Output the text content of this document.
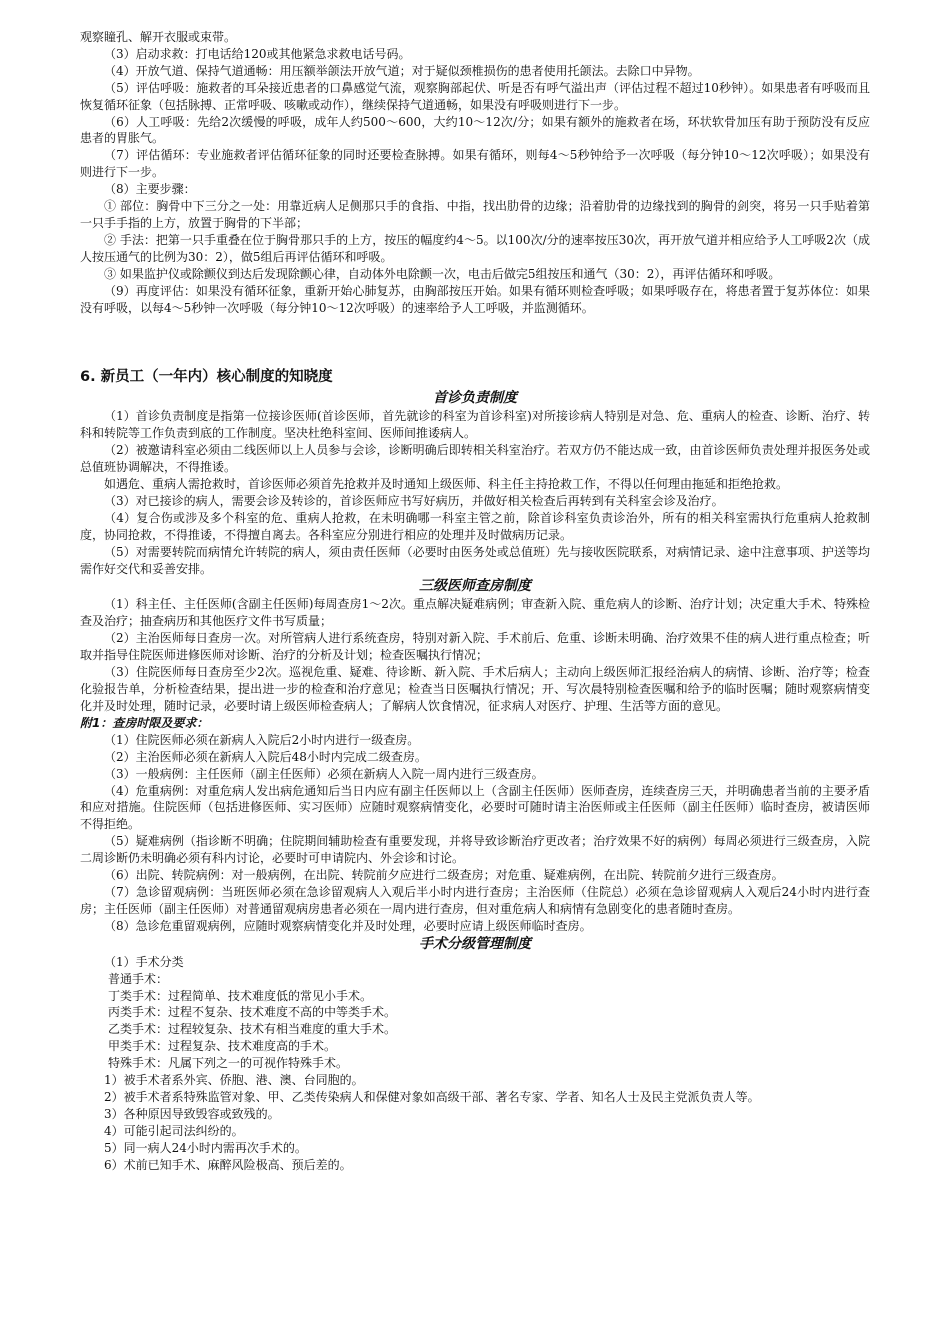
观察瞳孔、解开衣服或束带。

（3）启动求救：打电话给120或其他紧急求救电话号码。

（4）开放气道、保持气道通畅：用压额举颌法开放气道；对于疑似颈椎损伤的患者使用托颌法。去除口中异物。

（5）评估呼吸：施救者的耳朵接近患者的口鼻感觉气流，观察胸部起伏、听是否有呼气溢出声（评估过程不超过10秒钟）。如果患者有呼吸而且恢复循环征象（包括脉搏、正常呼吸、咳嗽或动作），继续保持气道通畅，如果没有呼吸则进行下一步。

（6）人工呼吸：先给2次缓慢的呼吸，成年人约500～600，大约10～12次/分；如果有额外的施救者在场，环状软骨加压有助于预防没有反应患者的胃胀气。

（7）评估循环：专业施救者评估循环征象的同时还要检查脉搏。如果有循环，则每4～5秒钟给予一次呼吸（每分钟10～12次呼吸）；如果没有则进行下一步。

（8）主要步骤：

① 部位：胸骨中下三分之一处：用靠近病人足侧那只手的食指、中指，找出肋骨的边缘；沿着肋骨的边缘找到的胸骨的剑突，将另一只手贴着第一只手手指的上方，放置于胸骨的下半部；

② 手法：把第一只手重叠在位于胸骨那只手的上方，按压的幅度约4～5。以100次/分的速率按压30次，再开放气道并相应给予人工呼吸2次（成人按压通气的比例为30：2），做5组后再评估循环和呼吸。

③ 如果监护仪或除颤仪到达后发现除颤心律，自动体外电除颤一次，电击后做完5组按压和通气（30：2），再评估循环和呼吸。

（9）再度评估：如果没有循环征象，重新开始心肺复苏，由胸部按压开始。如果有循环则检查呼吸；如果呼吸存在，将患者置于复苏体位：如果没有呼吸，以每4～5秒钟一次呼吸（每分钟10～12次呼吸）的速率给予人工呼吸，并监测循环。

6. 新员工（一年内）核心制度的知晓度

首诊负责制度

（1）首诊负责制度是指第一位接诊医师(首诊医师，首先就诊的科室为首诊科室)对所接诊病人特别是对急、危、重病人的检查、诊断、治疗、转科和转院等工作负责到底的工作制度。坚决杜绝科室间、医师间推诿病人。

（2）被邀请科室必须由二线医师以上人员参与会诊，诊断明确后即转相关科室治疗。若双方仍不能达成一致，由首诊医师负责处理并报医务处或总值班协调解决，不得推诿。

如遇危、重病人需抢救时，首诊医师必须首先抢救并及时通知上级医师、科主任主持抢救工作，不得以任何理由拖延和拒绝抢救。

（3）对已接诊的病人，需要会诊及转诊的，首诊医师应书写好病历，并做好相关检查后再转到有关科室会诊及治疗。

（4）复合伤或涉及多个科室的危、重病人抢救，在未明确哪一科室主管之前，除首诊科室负责诊治外，所有的相关科室需执行危重病人抢救制度，协同抢救，不得推诿，不得擅自离去。各科室应分别进行相应的处理并及时做病历记录。

（5）对需要转院而病情允许转院的病人，须由责任医师（必要时由医务处或总值班）先与接收医院联系，对病情记录、途中注意事项、护送等均需作好交代和妥善安排。

三级医师查房制度

（1）科主任、主任医师(含副主任医师)每周查房1～2次。重点解决疑难病例；审查新入院、重危病人的诊断、治疗计划；决定重大手术、特殊检查及治疗；抽查病历和其他医疗文件书写质量；

（2）主治医师每日查房一次。对所管病人进行系统查房，特别对新入院、手术前后、危重、诊断未明确、治疗效果不佳的病人进行重点检查；听取并指导住院医师进修医师对诊断、治疗的分析及计划；检查医嘱执行情况；

（3）住院医师每日查房至少2次。巡视危重、疑难、待诊断、新入院、手术后病人；主动向上级医师汇报经治病人的病情、诊断、治疗等；检查化验报告单，分析检查结果，提出进一步的检查和治疗意见；检查当日医嘱执行情况；开、写次晨特别检查医嘱和给予的临时医嘱；随时观察病情变化并及时处理，随时记录，必要时请上级医师检查病人；了解病人饮食情况，征求病人对医疗、护理、生活等方面的意见。

附1：查房时限及要求：

（1）住院医师必须在新病人入院后2小时内进行一级查房。

（2）主治医师必须在新病人入院后48小时内完成二级查房。

（3）一般病例：主任医师（副主任医师）必须在新病人入院一周内进行三级查房。

（4）危重病例：对重危病人发出病危通知后当日内应有副主任医师以上（含副主任医师）医师查房，连续查房三天，并明确患者当前的主要矛盾和应对措施。住院医师（包括进修医师、实习医师）应随时观察病情变化，必要时可随时请主治医师或主任医师（副主任医师）临时查房，被请医师不得拒绝。

（5）疑难病例（指诊断不明确；住院期间辅助检查有重要发现，并将导致诊断治疗更改者；治疗效果不好的病例）每周必须进行三级查房，入院二周诊断仍未明确必须有科内讨论，必要时可申请院内、外会诊和讨论。

（6）出院、转院病例：对一般病例，在出院、转院前夕应进行二级查房；对危重、疑难病例，在出院、转院前夕进行三级查房。

（7）急诊留观病例：当班医师必须在急诊留观病人入观后半小时内进行查房；主治医师（住院总）必须在急诊留观病人入观后24小时内进行查房；主任医师（副主任医师）对普通留观病房患者必须在一周内进行查房，但对重危病人和病情有急剧变化的患者随时查房。

（8）急诊危重留观病例，应随时观察病情变化并及时处理，必要时应请上级医师临时查房。

手术分级管理制度

（1）手术分类

普通手术：

丁类手术：过程简单、技术难度低的常见小手术。

丙类手术：过程不复杂、技术难度不高的中等类手术。

乙类手术：过程较复杂、技术有相当难度的重大手术。

甲类手术：过程复杂、技术难度高的手术。

特殊手术：凡属下列之一的可视作特殊手术。

1）被手术者系外宾、侨胞、港、澳、台同胞的。

2）被手术者系特殊监管对象、甲、乙类传染病人和保健对象如高级干部、著名专家、学者、知名人士及民主党派负责人等。

3）各种原因导致毁容或致残的。

4）可能引起司法纠纷的。

5）同一病人24小时内需再次手术的。

6）术前已知手术、麻醉风险极高、预后差的。
